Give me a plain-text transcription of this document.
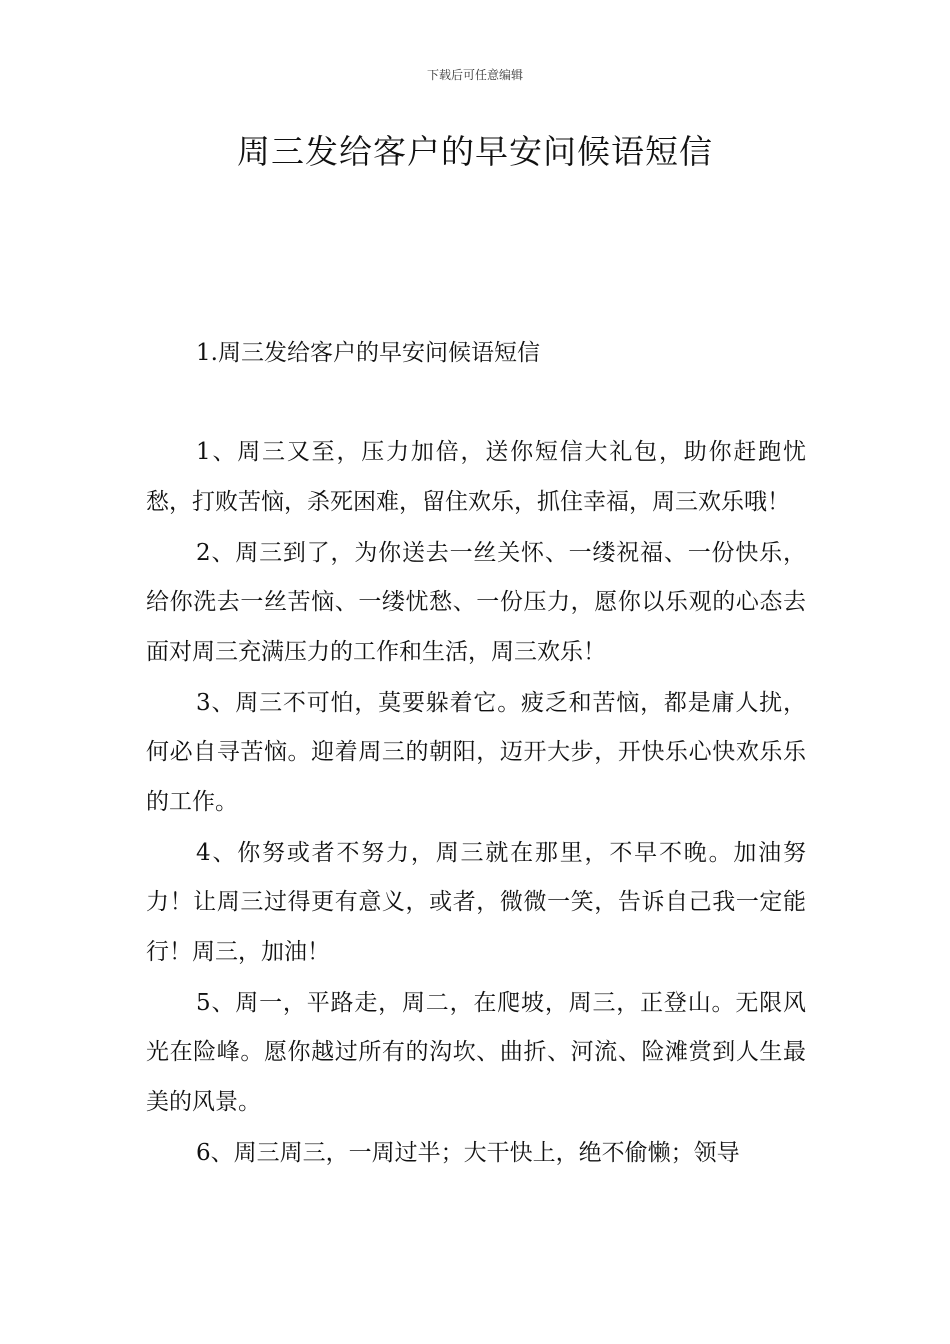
下载后可任意编辑
周三发给客户的早安问候语短信
1.周三发给客户的早安问候语短信

1、周三又至，压力加倍，送你短信大礼包，助你赶跑忧愁，打败苦恼，杀死困难，留住欢乐，抓住幸福，周三欢乐哦！

2、周三到了，为你送去一丝关怀、一缕祝福、一份快乐，给你洗去一丝苦恼、一缕忧愁、一份压力，愿你以乐观的心态去面对周三充满压力的工作和生活，周三欢乐！

3、周三不可怕，莫要躲着它。疲乏和苦恼，都是庸人扰，何必自寻苦恼。迎着周三的朝阳，迈开大步，开快乐心快欢乐乐的工作。

4、你努或者不努力，周三就在那里，不早不晚。加油努力！让周三过得更有意义，或者，微微一笑，告诉自己我一定能行！周三，加油！

5、周一，平路走，周二，在爬坡，周三，正登山。无限风光在险峰。愿你越过所有的沟坎、曲折、河流、险滩赏到人生最美的风景。

6、周三周三，一周过半；大干快上，绝不偷懒；领导
